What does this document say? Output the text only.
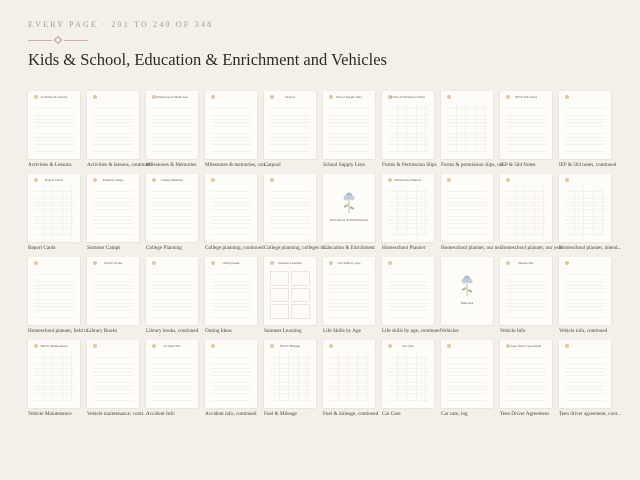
EVERY PAGE · 201 TO 240 OF 348
Kids & School, Education & Enrichment and Vehicles
Activities & Lessons
Activities & Lessons	Activities & lessons, continued
Milestones & Memories
Milestones & Memories	Milestones & memories, con...
Carpool
Carpool
School Supply Lists
School Supply Lists
Forms & Permission Slips
Forms & Permission Slips Forms & permission slips, co...
IEP & 504 Notes
IEP & 504 Notes	IEP & 504 notes, continued
Report Cards
Report Cards
Summer Camps
Summer Camps
College Planning
College Planning	College planning, continued College planning, colleges to...
Education & Enrichment
Education & Enrichment
Homeschool Planner
Homeschool Planner	Homeschool planner, our ne...
Homeschool planner, our year
Homeschool planner, intend...
Homeschool planner, field tr...
Library Books
Library Books	Library books, continued
Outing Ideas
Outing Ideas
Summer Learning
Summer Learning
Life Skills by Age
Life Skills by Age	Life skills by age, continued
Vehicles
Vehicles
Vehicle Info
Vehicle Info	Vehicle info, continued
Vehicle Maintenance
Vehicle Maintenance	Vehicle maintenance, conti...
Accident Info
Accident Info	Accident info, continued
Fuel & Mileage
Fuel & Mileage	Fuel & mileage, continued
Car Care
Car Care	Car care, log
Teen Driver Agreement
Teen Driver Agreement	Teen driver agreement, cont...
